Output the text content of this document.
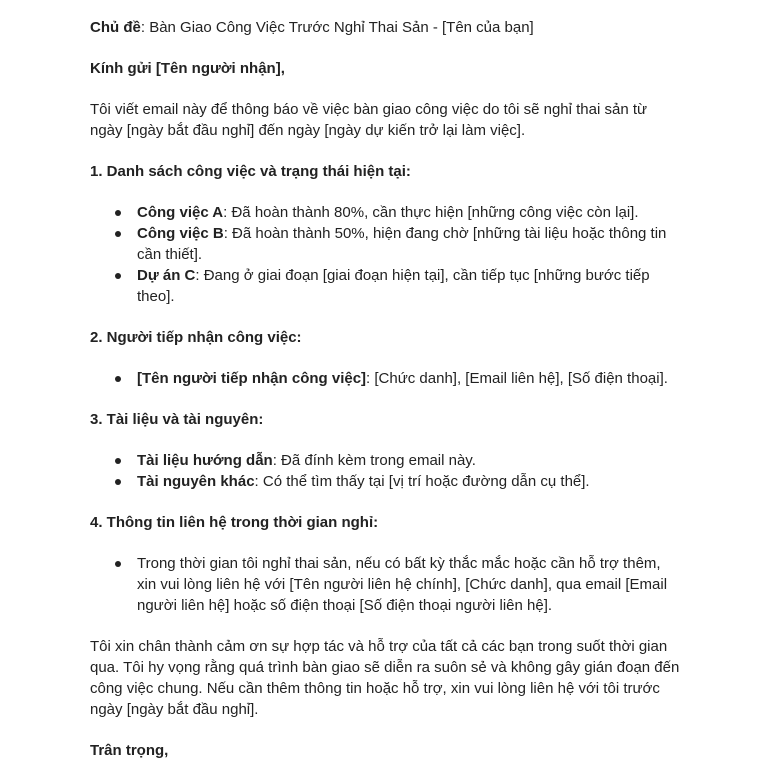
Chủ đề: Bàn Giao Công Việc Trước Nghỉ Thai Sản - [Tên của bạn]

Kính gửi [Tên người nhận],

Tôi viết email này để thông báo về việc bàn giao công việc do tôi sẽ nghỉ thai sản từ ngày [ngày bắt đầu nghỉ] đến ngày [ngày dự kiến trở lại làm việc].

1. Danh sách công việc và trạng thái hiện tại:

Công việc A: Đã hoàn thành 80%, cần thực hiện [những công việc còn lại].
Công việc B: Đã hoàn thành 50%, hiện đang chờ [những tài liệu hoặc thông tin cần thiết].
Dự án C: Đang ở giai đoạn [giai đoạn hiện tại], cần tiếp tục [những bước tiếp theo].

2. Người tiếp nhận công việc:

[Tên người tiếp nhận công việc]: [Chức danh], [Email liên hệ], [Số điện thoại].

3. Tài liệu và tài nguyên:

Tài liệu hướng dẫn: Đã đính kèm trong email này.
Tài nguyên khác: Có thể tìm thấy tại [vị trí hoặc đường dẫn cụ thể].

4. Thông tin liên hệ trong thời gian nghỉ:

Trong thời gian tôi nghỉ thai sản, nếu có bất kỳ thắc mắc hoặc cần hỗ trợ thêm, xin vui lòng liên hệ với [Tên người liên hệ chính], [Chức danh], qua email [Email người liên hệ] hoặc số điện thoại [Số điện thoại người liên hệ].

Tôi xin chân thành cảm ơn sự hợp tác và hỗ trợ của tất cả các bạn trong suốt thời gian qua. Tôi hy vọng rằng quá trình bàn giao sẽ diễn ra suôn sẻ và không gây gián đoạn đến công việc chung. Nếu cần thêm thông tin hoặc hỗ trợ, xin vui lòng liên hệ với tôi trước ngày [ngày bắt đầu nghỉ].

Trân trọng,
